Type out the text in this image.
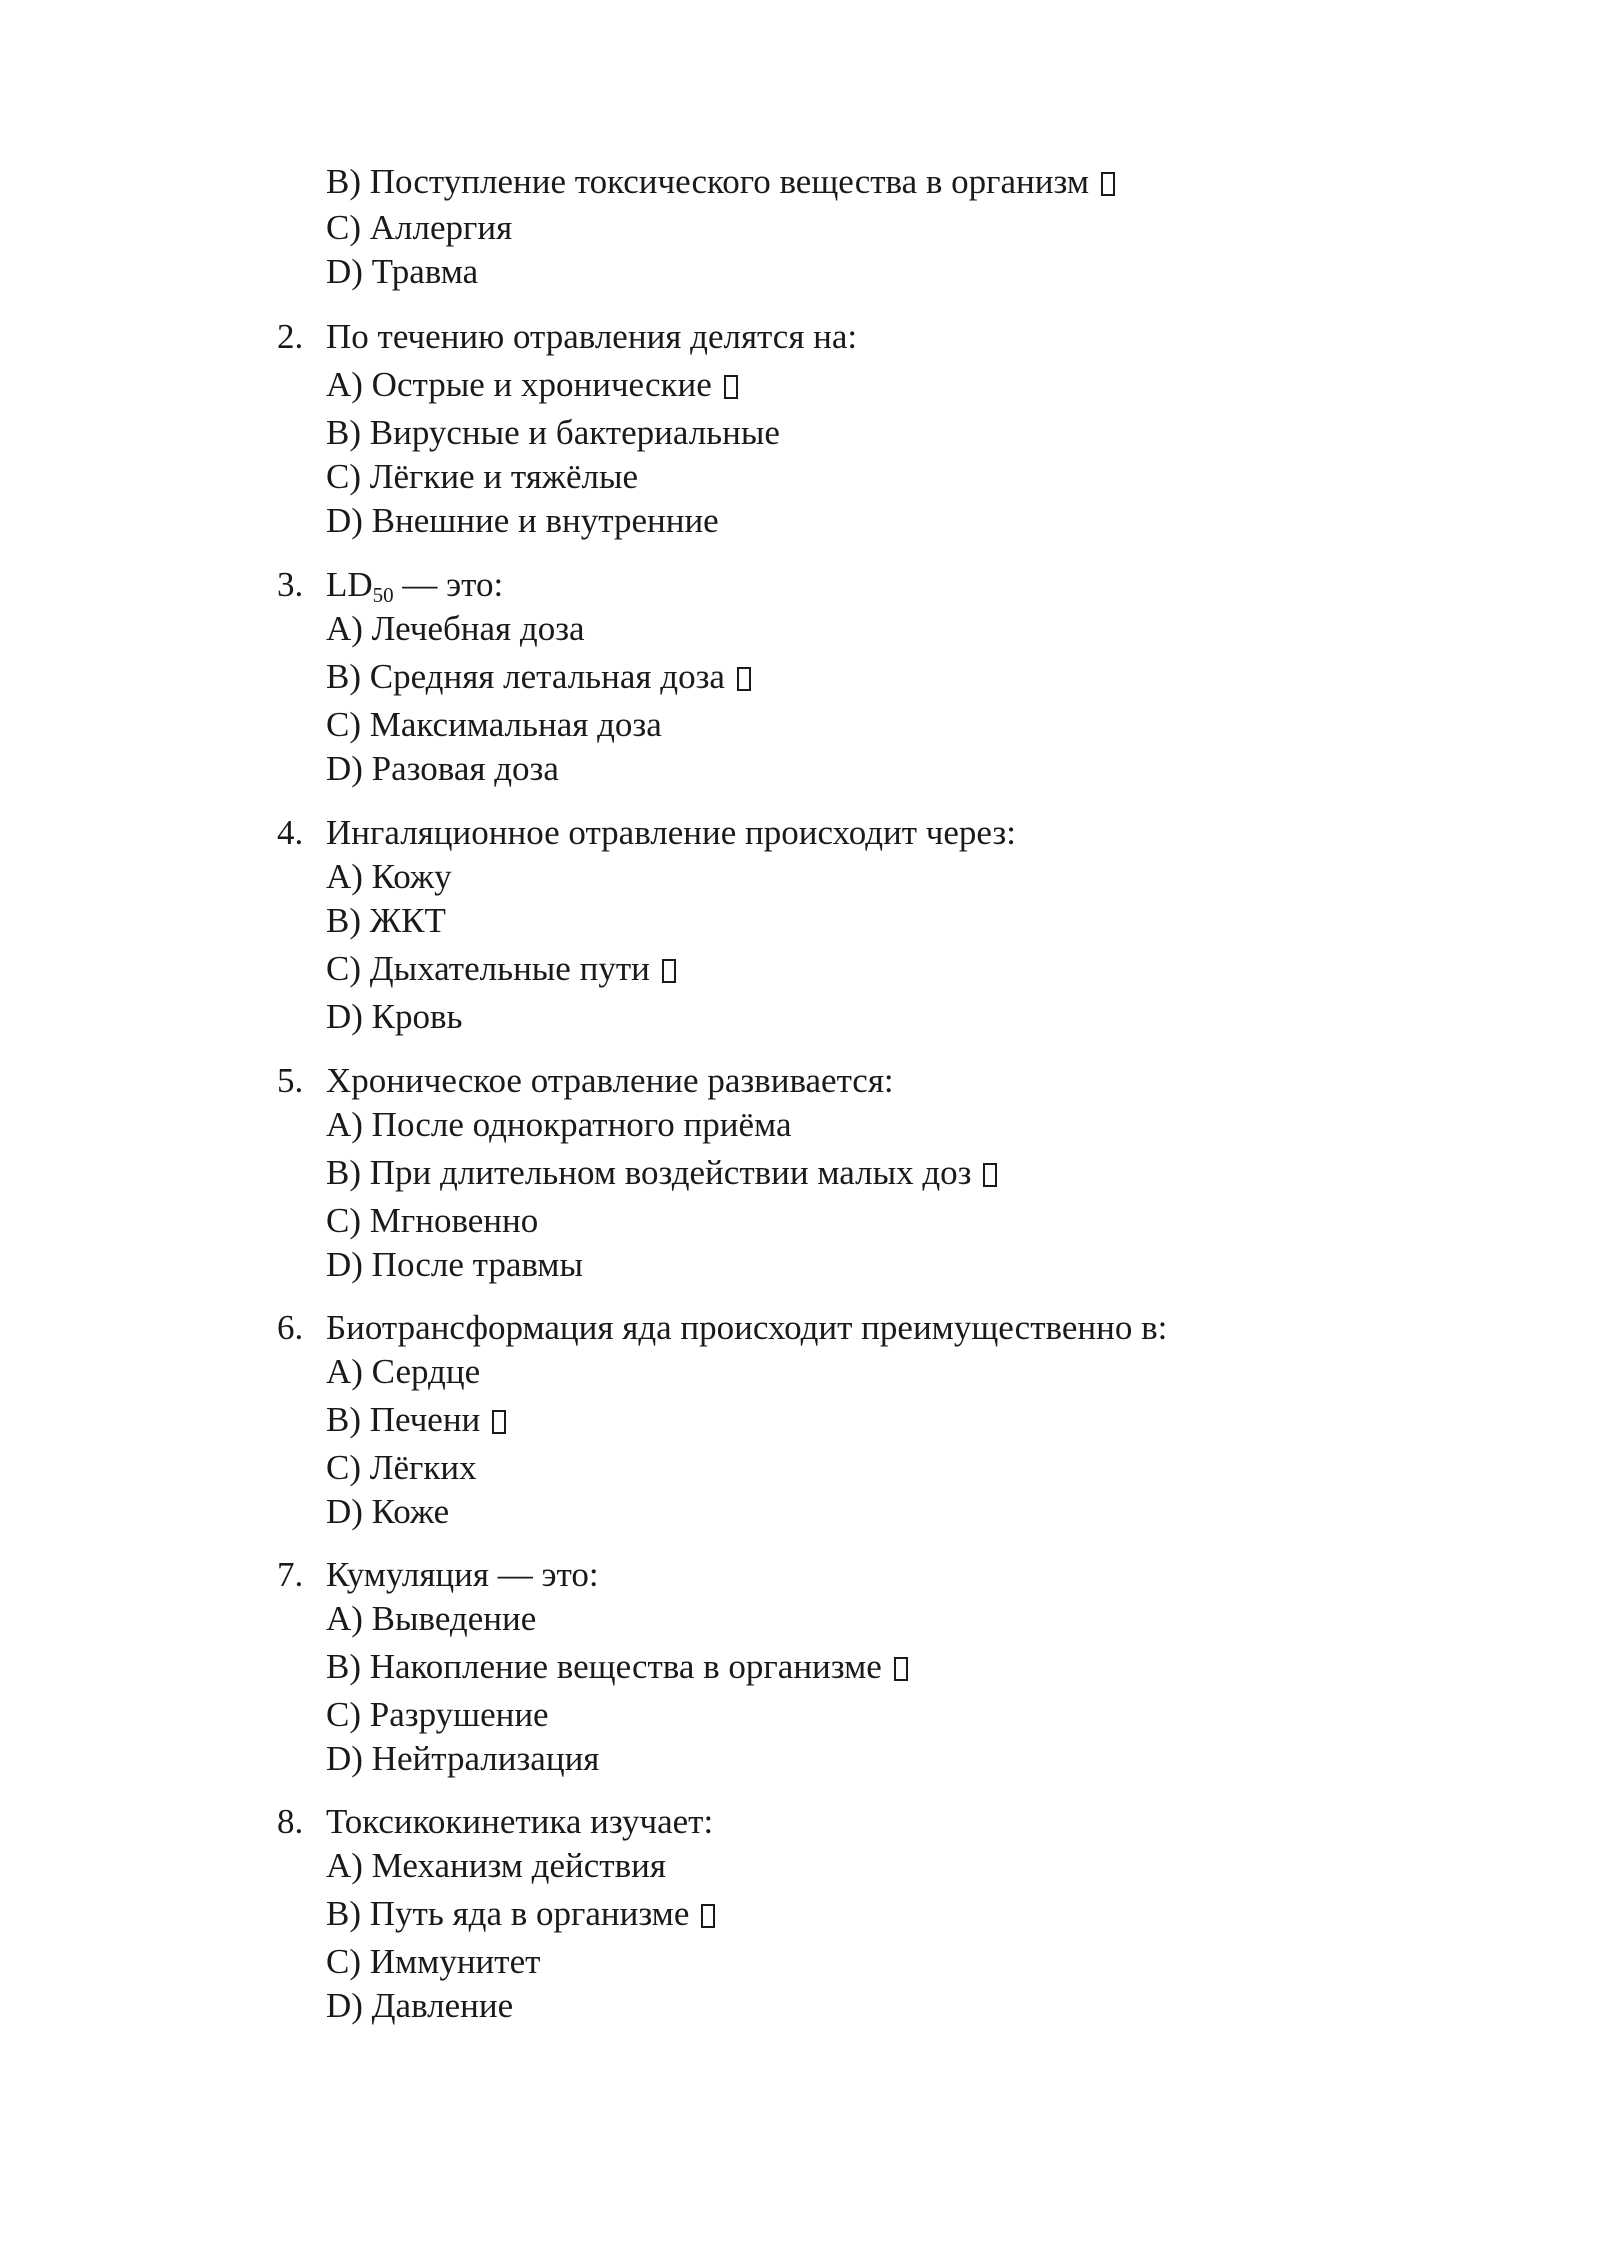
B) Поступление токсического вещества в организм
C) Аллергия
D) Травма
2. По течению отравления делятся на:
A) Острые и хронические
B) Вирусные и бактериальные
C) Лёгкие и тяжёлые
D) Внешние и внутренние
3. $LD_{50}$ — это:
A) Лечебная доза
B) Средняя летальная доза
C) Максимальная доза
D) Разовая доза
4. Ингаляционное отравление происходит через:
A) Кожу
B) ЖКТ
C) Дыхательные пути
D) Кровь
5. Хроническое отравление развивается:
A) После однократного приёма
B) При длительном воздействии малых доз
C) Мгновенно
D) После травмы
6. Биотрансформация яда происходит преимущественно в:
A) Сердце
B) Печени
C) Лёгких
D) Коже
7. Кумуляция — это:
A) Выведение
B) Накопление вещества в организме
C) Разрушение
D) Нейтрализация
8. Токсикокинетика изучает:
A) Механизм действия
B) Путь яда в организме
C) Иммунитет
D) Давление
